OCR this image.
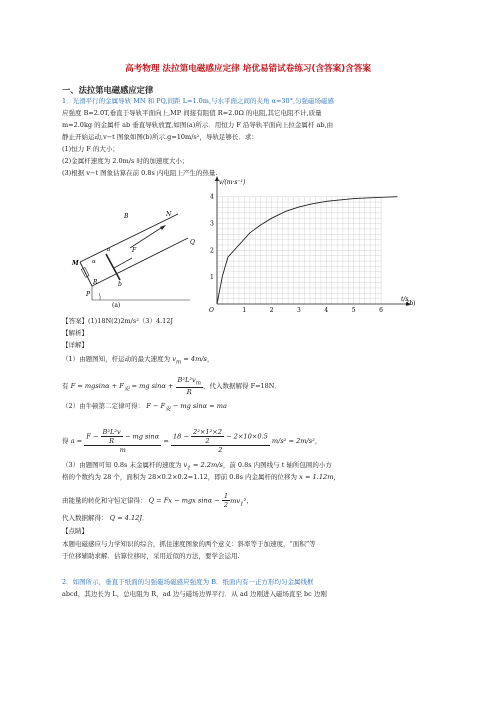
高考物理 法拉第电磁感应定律 培优易错试卷练习(含答案)含答案
一、法拉第电磁感应定律
1．光滑平行的金属导轨 MN 和 PQ,间距 L=1.0m,与水平面之间的夹角 α=30°,匀强磁场磁感
应强度 B=2.0T,垂直于导轨平面向上,MP 间接有阻值 R=2.0Ω 的电阻,其它电阻不计,质量
m=2.0kg 的金属杆 ab 垂直导轨放置,如图(a)所示．用恒力 F 沿导轨平面向上拉金属杆 ab,由
静止开始运动,v−t 图象如图(b)所示.g=10m/s²，导轨足够长．求：
(1)恒力 F 的大小；
(2)金属杆速度为 2.0m/s 时的加速度大小；
(3)根据 v−t 图象估算在前 0.8s 内电阻上产生的热量.
B	N
Q
F
a
α
M
R	b
P
(a)
4
3
2
1
1	2	3	4	5	6
O
v/(m·s⁻¹)
t/s
(b)
【答案】(1)18N(2)2m/s²（3）4.12J
【解析】
【详解】
（1）由题图知，杆运动的最大速度为 $v_m = 4m/s$，
有 $F = mgsin\alpha + F_安$ = mg $\sin\alpha + \frac{B^2L^2v_m}{R}$ ，代入数据解得 F=18N．
（2）由牛顿第二定律可得： $F - F_安$ − mg sinα = ma
得 $a = \frac{F - \frac{\text{B²L²v}}{R} - mg \sin\alpha}{m} = \frac{18 - \frac{\text{2²×1²×2}}{2} - 2\times 10\times 0.5}{2} m/s^2 = 2m/s^2$，
（3）由题图可知 0.8s 末金属杆的速度为 $v_1 = 2.2m/s$，前 0.8s 内图线与 t 轴所包围的小方
格的个数约为 28 个，面积为 28×0.2×0.2=1.12，即前 0.8s 内金属杆的位移为 x = 1.12m，
由能量的转化和守恒定律得： Q = Fx − mgx $\sin\alpha - \frac{1}{2} mv_1^2$，
代入数据解得： Q = 4.12J．
【点睛】
本题电磁感应与力学知识的综合，抓住速度图象的两个意义：斜率等于加速度，“面积”等
于位移辅助求解．估算位移时，采用近似的方法，要学会运用.
2．如图所示，垂直于纸面的匀强磁场磁感应强度为 B．纸面内有一正方形均匀金属线框
abcd，其边长为 L，总电阻为 R，ad 边与磁场边界平行．从 ad 边刚进入磁场直至 bc 边刚
